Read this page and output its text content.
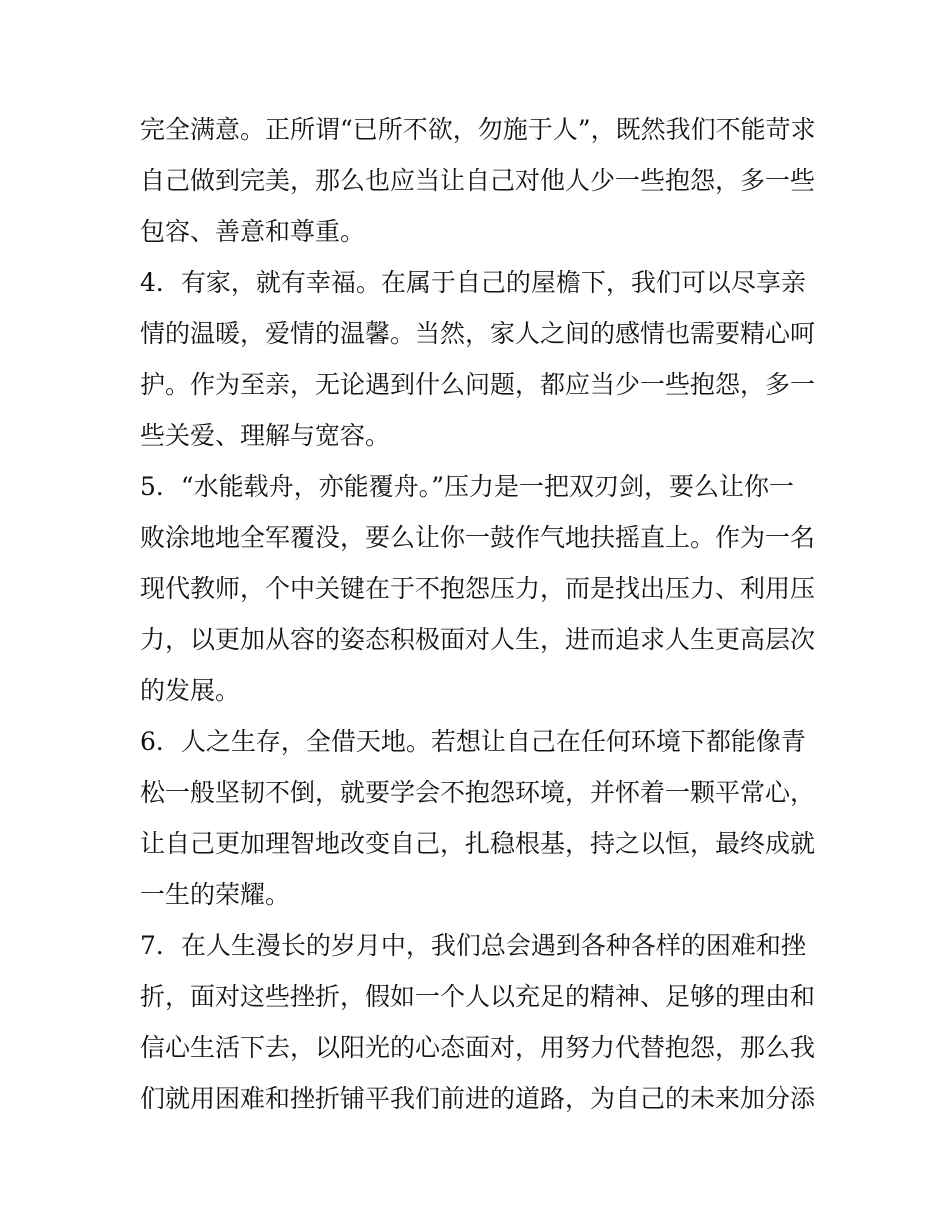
完全满意。正所谓“已所不欲，勿施于人”，既然我们不能苛求
自己做到完美，那么也应当让自己对他人少一些抱怨，多一些
包容、善意和尊重。
4．有家，就有幸福。在属于自己的屋檐下，我们可以尽享亲
情的温暖，爱情的温馨。当然，家人之间的感情也需要精心呵
护。作为至亲，无论遇到什么问题，都应当少一些抱怨，多一
些关爱、理解与宽容。
5．“水能载舟，亦能覆舟。”压力是一把双刃剑，要么让你一
败涂地地全军覆没，要么让你一鼓作气地扶摇直上。作为一名
现代教师，个中关键在于不抱怨压力，而是找出压力、利用压
力，以更加从容的姿态积极面对人生，进而追求人生更高层次
的发展。
6．人之生存，全借天地。若想让自己在任何环境下都能像青
松一般坚韧不倒，就要学会不抱怨环境，并怀着一颗平常心，
让自己更加理智地改变自己，扎稳根基，持之以恒，最终成就
一生的荣耀。
7．在人生漫长的岁月中，我们总会遇到各种各样的困难和挫
折，面对这些挫折，假如一个人以充足的精神、足够的理由和
信心生活下去，以阳光的心态面对，用努力代替抱怨，那么我
们就用困难和挫折铺平我们前进的道路，为自己的未来加分添
